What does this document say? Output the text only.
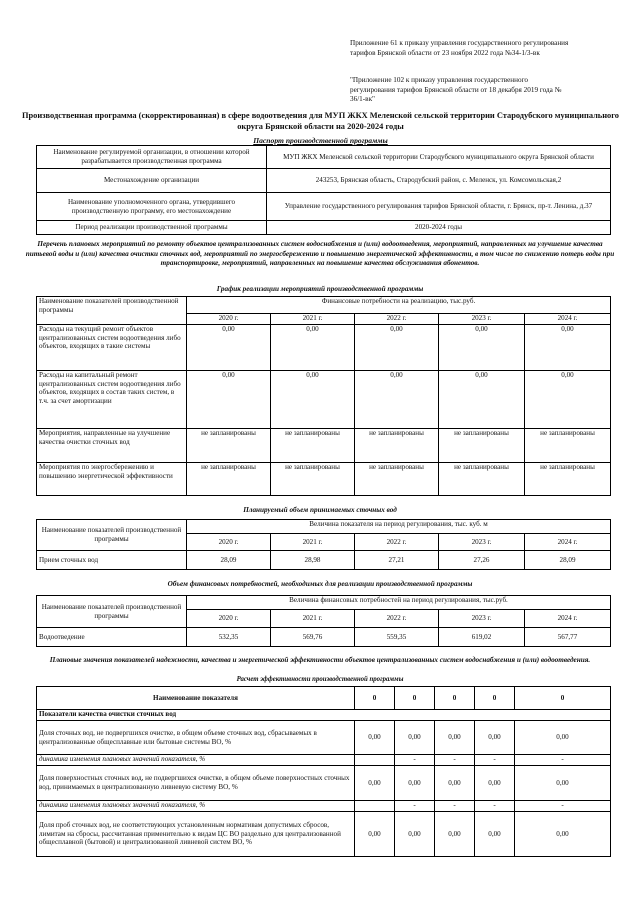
Приложение 61 к приказу управления государственного регулирования
тарифов Брянской области от 23 ноября 2022 года №34-1/3-вк
"Приложение 102 к приказу управления государственного
регулирования тарифов Брянской области от 18 декабря 2019 года №
36/1-вк"
Производственная программа (скорректированная) в сфере водоотведения для МУП ЖКХ Меленской сельской территории Стародубского муниципального округа Брянской области на 2020-2024 годы
Паспорт производственной программы
Наименование регулируемой организации, в отношении которой разрабатывается производственная программа	МУП ЖКХ Меленской сельской территории Стародубского муниципального округа Брянской области
Местонахождение организации	243253, Брянская область, Стародубский район, с. Меленск, ул. Комсомольская,2
Наименование уполномоченного органа, утвердившего производственную программу, его местонахождение	Управление государственного регулирования тарифов Брянской области, г. Брянск, пр-т. Ленина, д.37
Период реализации производственной программы	2020-2024 годы
Перечень плановых мероприятий по ремонту объектов централизованных систем водоснабжения и (или) водоотведения, мероприятий, направленных на улучшение качества питьевой воды и (или) качества очистки сточных вод, мероприятий по энергосбережению и повышению энергетической эффективности, в том числе по снижению потерь воды при транспортировке, мероприятий, направленных на повышение качества обслуживания абонентов.
График реализации мероприятий производственной программы
Наименование показателей производственной программы	Финансовые потребности на реализацию, тыс.руб.				
	2020 г.	2021 г.	2022 г.	2023 г.	2024 г.
Расходы на текущий ремонт объектов централизованных систем водоотведения либо объектов, входящих в такие системы	0,00	0,00	0,00	0,00	0,00
Расходы на капитальный ремонт централизованных систем водоотведения либо объектов, входящих в состав таких систем, в т.ч. за счет амортизации	0,00	0,00	0,00	0,00	0,00
Мероприятия, направленные на улучшение качества очистки сточных вод	не запланированы	не запланированы	не запланированы	не запланированы	не запланированы
Мероприятия по энергосбережению и повышению энергетической эффективности	не запланированы	не запланированы	не запланированы	не запланированы	не запланированы
Планируемый объем принимаемых сточных вод
Наименование показателей производственной программы	Величина показателя на период регулирования, тыс. куб. м				
	2020 г.	2021 г.	2022 г.	2023 г.	2024 г.
Прием сточных вод	28,09	28,98	27,21	27,26	28,09
Объем финансовых потребностей, необходимых для реализации производственной программы
Наименование показателей производственной программы	Величина финансовых потребностей на период регулирования, тыс.руб.				
	2020 г.	2021 г.	2022 г.	2023 г.	2024 г.
Водоотведение	532,35	569,76	559,35	619,02	567,77
Плановые значения показателей надежности, качества и энергетической эффективности объектов централизованных систем водоснабжения и (или) водоотведения.
Расчет эффективности производственной программы
Наименование показателя	0	0	0	0	0
Показатели качества очистки сточных вод					
Доля сточных вод, не подвергшихся очистке, в общем объеме сточных вод, сбрасываемых в централизованные общесплавные или бытовые системы ВО, %	0,00	0,00	0,00	0,00	0,00
динамика изменения плановых значений показателя, %		-	-	-	-
Доля поверхностных сточных вод, не подвергшихся очистке, в общем объеме поверхностных сточных вод, принимаемых в централизованную ливневую систему ВО, %	0,00	0,00	0,00	0,00	0,00
динамика изменения плановых значений показателя, %		-	-	-	-
Доля проб сточных вод, не соответствующих установленным нормативам допустимых сбросов, лимитам на сбросы, рассчитанная применительно к видам ЦС ВО раздельно для централизованной общесплавной (бытовой) и централизованной ливневой систем ВО, %	0,00	0,00	0,00	0,00	0,00
